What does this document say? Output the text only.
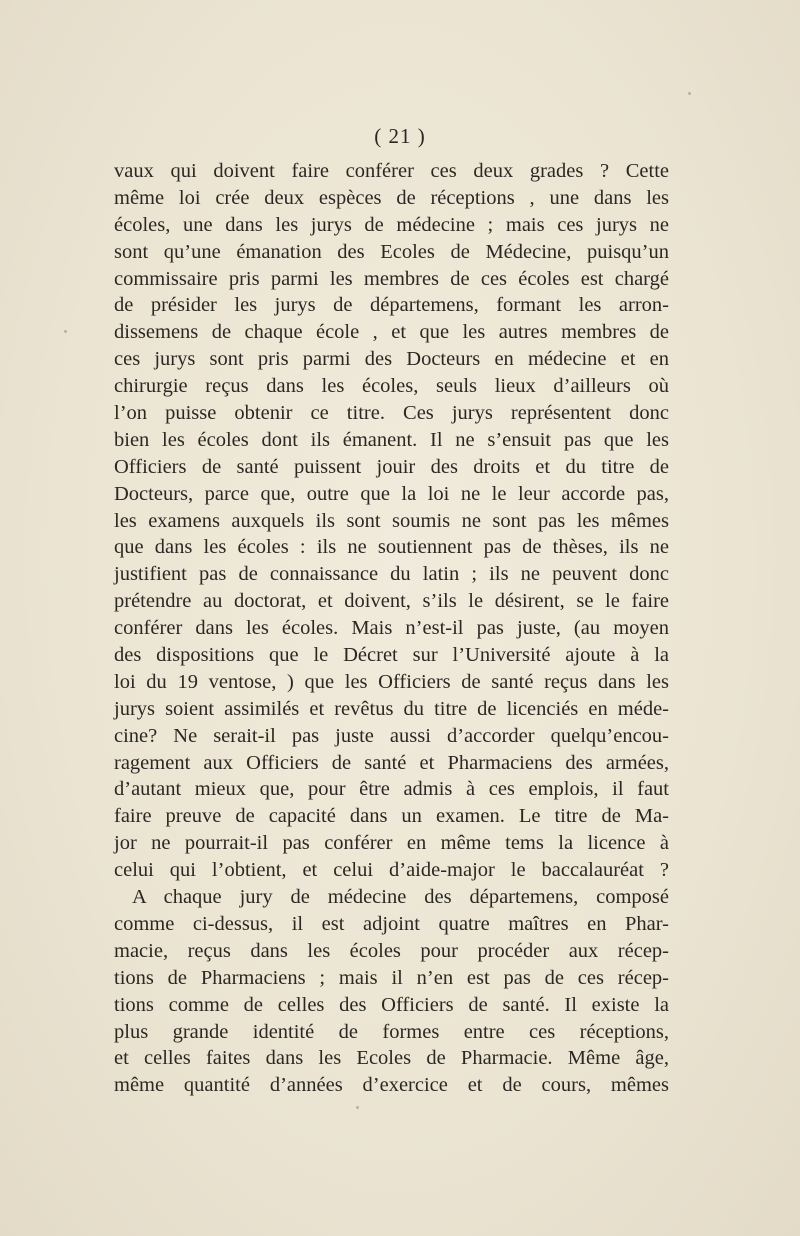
( 21 )
vaux qui doivent faire conférer ces deux grades ? Cette
même loi crée deux espèces de réceptions , une dans les
écoles, une dans les jurys de médecine ; mais ces jurys ne
sont qu’une émanation des Ecoles de Médecine, puisqu’un
commissaire pris parmi les membres de ces écoles est chargé
de présider les jurys de départemens, formant les arron-
dissemens de chaque école , et que les autres membres de
ces jurys sont pris parmi des Docteurs en médecine et en
chirurgie reçus dans les écoles, seuls lieux d’ailleurs où
l’on puisse obtenir ce titre. Ces jurys représentent donc
bien les écoles dont ils émanent. Il ne s’ensuit pas que les
Officiers de santé puissent jouir des droits et du titre de
Docteurs, parce que, outre que la loi ne le leur accorde pas,
les examens auxquels ils sont soumis ne sont pas les mêmes
que dans les écoles : ils ne soutiennent pas de thèses, ils ne
justifient pas de connaissance du latin ; ils ne peuvent donc
prétendre au doctorat, et doivent, s’ils le désirent, se le faire
conférer dans les écoles. Mais n’est-il pas juste, (au moyen
des dispositions que le Décret sur l’Université ajoute à la
loi du 19 ventose, ) que les Officiers de santé reçus dans les
jurys soient assimilés et revêtus du titre de licenciés en méde-
cine? Ne serait-il pas juste aussi d’accorder quelqu’encou-
ragement aux Officiers de santé et Pharmaciens des armées,
d’autant mieux que, pour être admis à ces emplois, il faut
faire preuve de capacité dans un examen. Le titre de Ma-
jor ne pourrait-il pas conférer en même tems la licence à
celui qui l’obtient, et celui d’aide-major le baccalauréat ?
A chaque jury de médecine des départemens, composé
comme ci-dessus, il est adjoint quatre maîtres en Phar-
macie, reçus dans les écoles pour procéder aux récep-
tions de Pharmaciens ; mais il n’en est pas de ces récep-
tions comme de celles des Officiers de santé. Il existe la
plus grande identité de formes entre ces réceptions,
et celles faites dans les Ecoles de Pharmacie. Même âge,
même quantité d’années d’exercice et de cours, mêmes
